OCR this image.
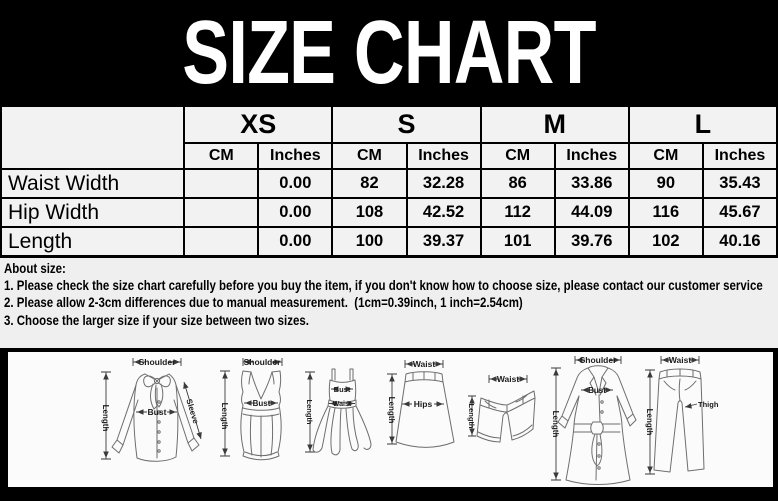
SIZE CHART
	XS		S		M		L	
	CM	Inches	CM	Inches	CM	Inches	CM	Inches
Waist Width		0.00	82	32.28	86	33.86	90	35.43
Hip Width		0.00	108	42.52	112	44.09	116	45.67
Length		0.00	100	39.37	101	39.76	102	40.16
About size:
1. Please check the size chart carefully before you buy the item, if you don't know how to choose size, please contact our customer service
2. Please allow 2-3cm differences due to manual measurement.  (1cm=0.39inch, 1 inch=2.54cm)
3. Choose the larger size if your size between two sizes.
Shoulder
Length	Bust Sleeve
Shoulder
Length	Bust	Length
Bust
Waist
Waist
Length Hips
Waist
Length
Shoulder
Length
Bust
Waist
Length
Thigh
